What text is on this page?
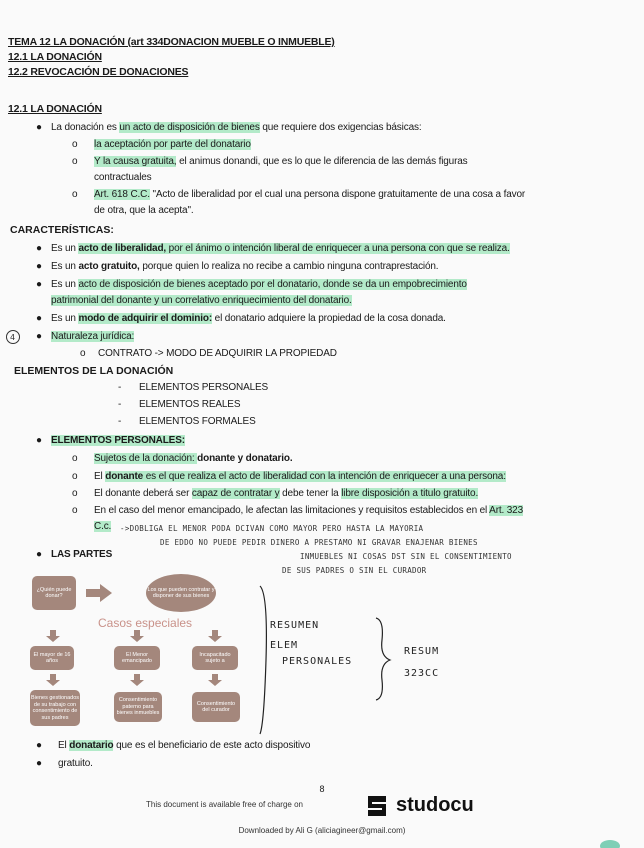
TEMA 12 LA DONACIÓN (art 334DONACION MUEBLE O INMUEBLE)
12.1 LA DONACIÓN
12.2 REVOCACIÓN DE DONACIONES
12.1 LA DONACIÓN
● La donación es un acto de disposición de bienes que requiere dos exigencias básicas:
o la aceptación por parte del donatario
o Y la causa gratuita, el animus donandi, que es lo que le diferencia de las demás figuras
contractuales
o Art. 618 C.C. "Acto de liberalidad por el cual una persona dispone gratuitamente de una cosa a favor
de otra, que la acepta".
CARACTERÍSTICAS:
● Es un acto de liberalidad, por el ánimo o intención liberal de enriquecer a una persona con que se realiza.
● Es un acto gratuito, porque quien lo realiza no recibe a cambio ninguna contraprestación.
● Es un acto de disposición de bienes aceptado por el donatario, donde se da un empobrecimiento
patrimonial del donante y un correlativo enriquecimiento del donatario.
● Es un modo de adquirir el dominio: el donatario adquiere la propiedad de la cosa donada.
4 ● Naturaleza jurídica:
o CONTRATO -> MODO DE ADQUIRIR LA PROPIEDAD
ELEMENTOS DE LA DONACIÓN
- ELEMENTOS PERSONALES
- ELEMENTOS REALES
- ELEMENTOS FORMALES
● ELEMENTOS PERSONALES:
o Sujetos de la donación: donante y donatario.
o El donante es el que realiza el acto de liberalidad con la intención de enriquecer a una persona:
o El donante deberá ser capaz de contratar y debe tener la libre disposición a titulo gratuito.
o En el caso del menor emancipado, le afectan las limitaciones y requisitos establecidos en el Art. 323
C.c. ->DOBLIGA EL MENOR PODA DCIVAN COMO MAYOR PERO HASTA LA MAYORIA
DE EDDO NO PUEDE PEDIR DINERO A PRESTAMO NI GRAVAR ENAJENAR BIENES
INMUEBLES NI COSAS DST SIN EL CONSENTIMIENTO
DE SUS PADRES O SIN EL CURADOR
● LAS PARTES
¿Quién puede donar?
Los que pueden contratar y disponer de sus bienes
Casos especiales
El mayor de 16 años
El Menor emancipado
Incapacitado sujeto a
Bienes gestionados de su trabajo con consentimiento de sus padres
Consentimiento paterno para bienes inmuebles
Consentimiento del curador
RESUMEN
ELEM
PERSONALES
RESUM
323CC
● El donatario que es el beneficiario de este acto dispositivo
● gratuito.
8
This document is available free of charge on	studocu
Downloaded by Ali G (aliciagineer@gmail.com)
